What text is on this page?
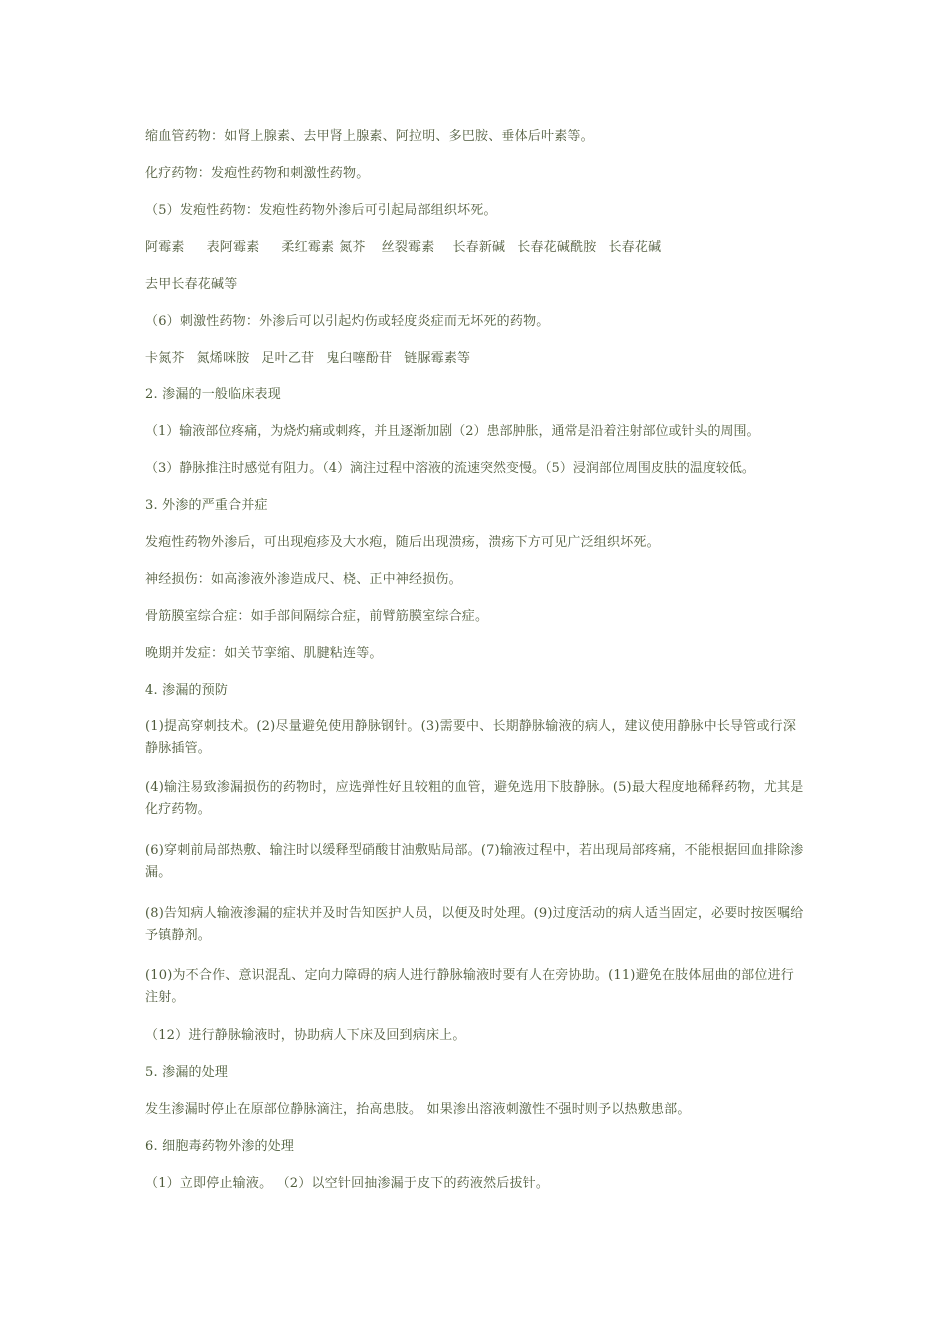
缩血管药物：如肾上腺素、去甲肾上腺素、阿拉明、多巴胺、垂体后叶素等。
化疗药物：发疱性药物和刺激性药物。
（5）发疱性药物：发疱性药物外渗后可引起局部组织坏死。
阿霉素 表阿霉素 柔红霉素 氮芥 丝裂霉素 长春新碱 长春花碱酰胺 长春花碱
去甲长春花碱等
（6）刺激性药物：外渗后可以引起灼伤或轻度炎症而无坏死的药物。
卡氮芥 氮烯咪胺 足叶乙苷 鬼臼噻酚苷 链脲霉素等
2. 渗漏的一般临床表现
（1）输液部位疼痛，为烧灼痛或刺疼，并且逐渐加剧（2）患部肿胀，通常是沿着注射部位或针头的周围。
（3）静脉推注时感觉有阻力。（4）滴注过程中溶液的流速突然变慢。（5）浸润部位周围皮肤的温度较低。
3. 外渗的严重合并症
发疱性药物外渗后，可出现疱疹及大水疱，随后出现溃疡，溃疡下方可见广泛组织坏死。
神经损伤：如高渗液外渗造成尺、桡、正中神经损伤。
骨筋膜室综合症：如手部间隔综合症，前臂筋膜室综合症。
晚期并发症：如关节挛缩、肌腱粘连等。
4. 渗漏的预防
(1)提高穿刺技术。(2)尽量避免使用静脉钢针。(3)需要中、长期静脉输液的病人，建议使用静脉中长导管或行深静脉插管。
(4)输注易致渗漏损伤的药物时，应选弹性好且较粗的血管，避免选用下肢静脉。(5)最大程度地稀释药物，尤其是化疗药物。
(6)穿刺前局部热敷、输注时以缓释型硝酸甘油敷贴局部。(7)输液过程中，若出现局部疼痛，不能根据回血排除渗漏。
(8)告知病人输液渗漏的症状并及时告知医护人员，以便及时处理。(9)过度活动的病人适当固定，必要时按医嘱给予镇静剂。
(10)为不合作、意识混乱、定向力障碍的病人进行静脉输液时要有人在旁协助。(11)避免在肢体屈曲的部位进行注射。
（12）进行静脉输液时，协助病人下床及回到病床上。
5. 渗漏的处理
发生渗漏时停止在原部位静脉滴注，抬高患肢。 如果渗出溶液刺激性不强时则予以热敷患部。
6. 细胞毒药物外渗的处理
（1）立即停止输液。 （2）以空针回抽渗漏于皮下的药液然后拔针。
